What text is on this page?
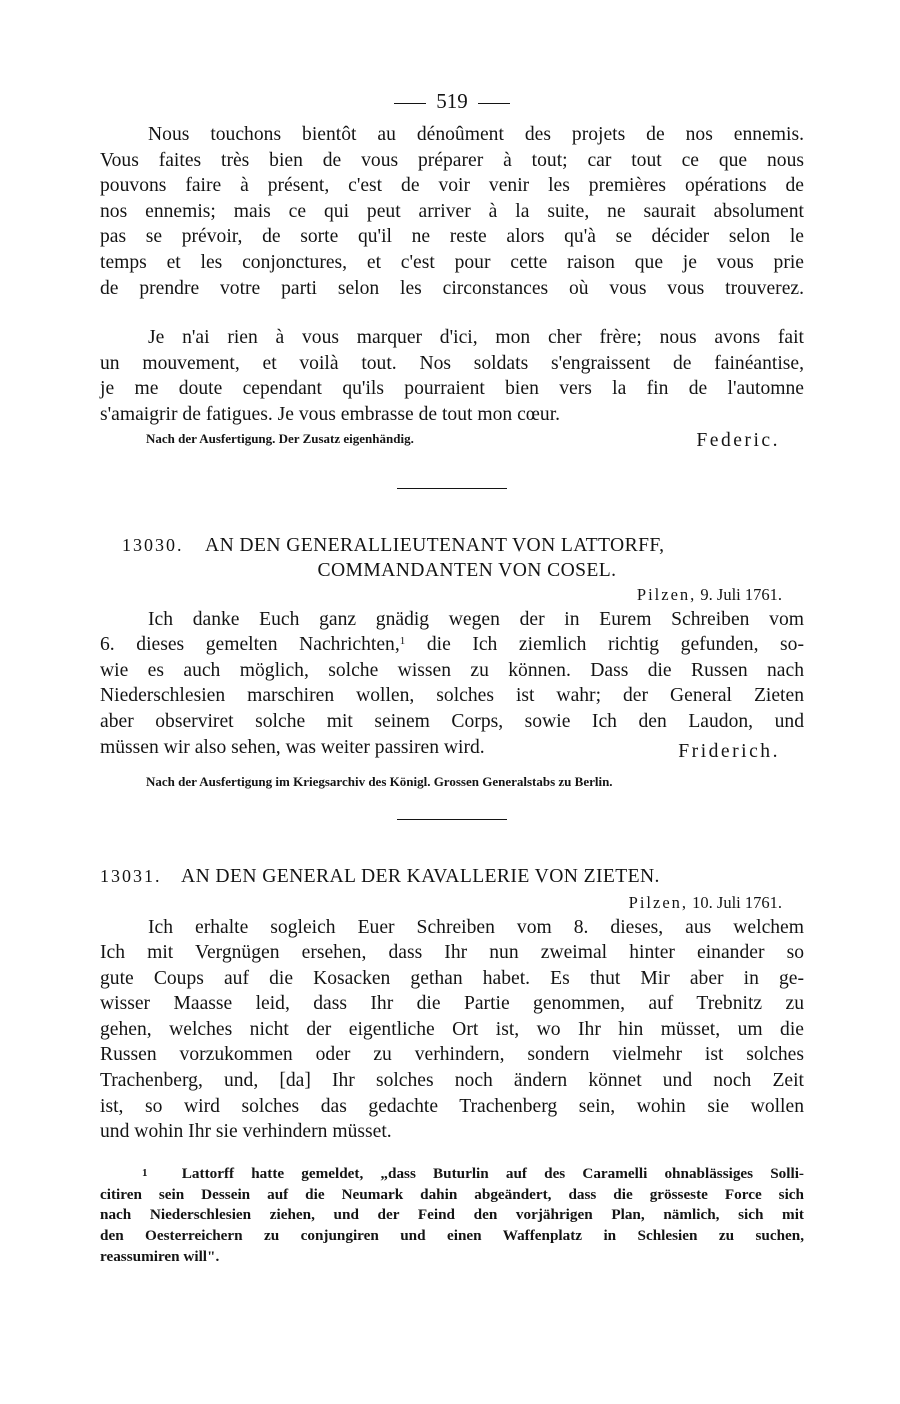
519
Nous touchons bientôt au dénoûment des projets de nos ennemis.
Vous faites très bien de vous préparer à tout; car tout ce que nous
pouvons faire à présent, c'est de voir venir les premières opérations de
nos ennemis; mais ce qui peut arriver à la suite, ne saurait absolument
pas se prévoir, de sorte qu'il ne reste alors qu'à se décider selon le
temps et les conjonctures, et c'est pour cette raison que je vous prie
de prendre votre parti selon les circonstances où vous vous trouverez.
Je n'ai rien à vous marquer d'ici, mon cher frère; nous avons fait
un mouvement, et voilà tout. Nos soldats s'engraissent de fainéantise,
je me doute cependant qu'ils pourraient bien vers la fin de l'automne
s'amaigrir de fatigues. Je vous embrasse de tout mon cœur.
Nach der Ausfertigung. Der Zusatz eigenhändig.	Federic.
13030. AN DEN GENERALLIEUTENANT VON LATTORFF,
COMMANDANTEN VON COSEL.
Pilzen, 9. Juli 1761.
Ich danke Euch ganz gnädig wegen der in Eurem Schreiben vom
6. dieses gemelten Nachrichten,$^1$ die Ich ziemlich richtig gefunden, so-
wie es auch möglich, solche wissen zu können. Dass die Russen nach
Niederschlesien marschiren wollen, solches ist wahr; der General Zieten
aber observiret solche mit seinem Corps, sowie Ich den Laudon, und
müssen wir also sehen, was weiter passiren wird.	Friderich.
Nach der Ausfertigung im Kriegsarchiv des Königl. Grossen Generalstabs zu Berlin.
13031. AN DEN GENERAL DER KAVALLERIE VON ZIETEN.
Pilzen, 10. Juli 1761.
Ich erhalte sogleich Euer Schreiben vom 8. dieses, aus welchem
Ich mit Vergnügen ersehen, dass Ihr nun zweimal hinter einander so
gute Coups auf die Kosacken gethan habet. Es thut Mir aber in ge-
wisser Maasse leid, dass Ihr die Partie genommen, auf Trebnitz zu
gehen, welches nicht der eigentliche Ort ist, wo Ihr hin müsset, um die
Russen vorzukommen oder zu verhindern, sondern vielmehr ist solches
Trachenberg, und, [da] Ihr solches noch ändern könnet und noch Zeit
ist, so wird solches das gedachte Trachenberg sein, wohin sie wollen
und wohin Ihr sie verhindern müsset.
1 Lattorff hatte gemeldet, „dass Buturlin auf des Caramelli ohnablässiges Solli-
citiren sein Dessein auf die Neumark dahin abgeändert, dass die grösseste Force sich
nach Niederschlesien ziehen, und der Feind den vorjährigen Plan, nämlich, sich mit
den Oesterreichern zu conjungiren und einen Waffenplatz in Schlesien zu suchen,
reassumiren will".
